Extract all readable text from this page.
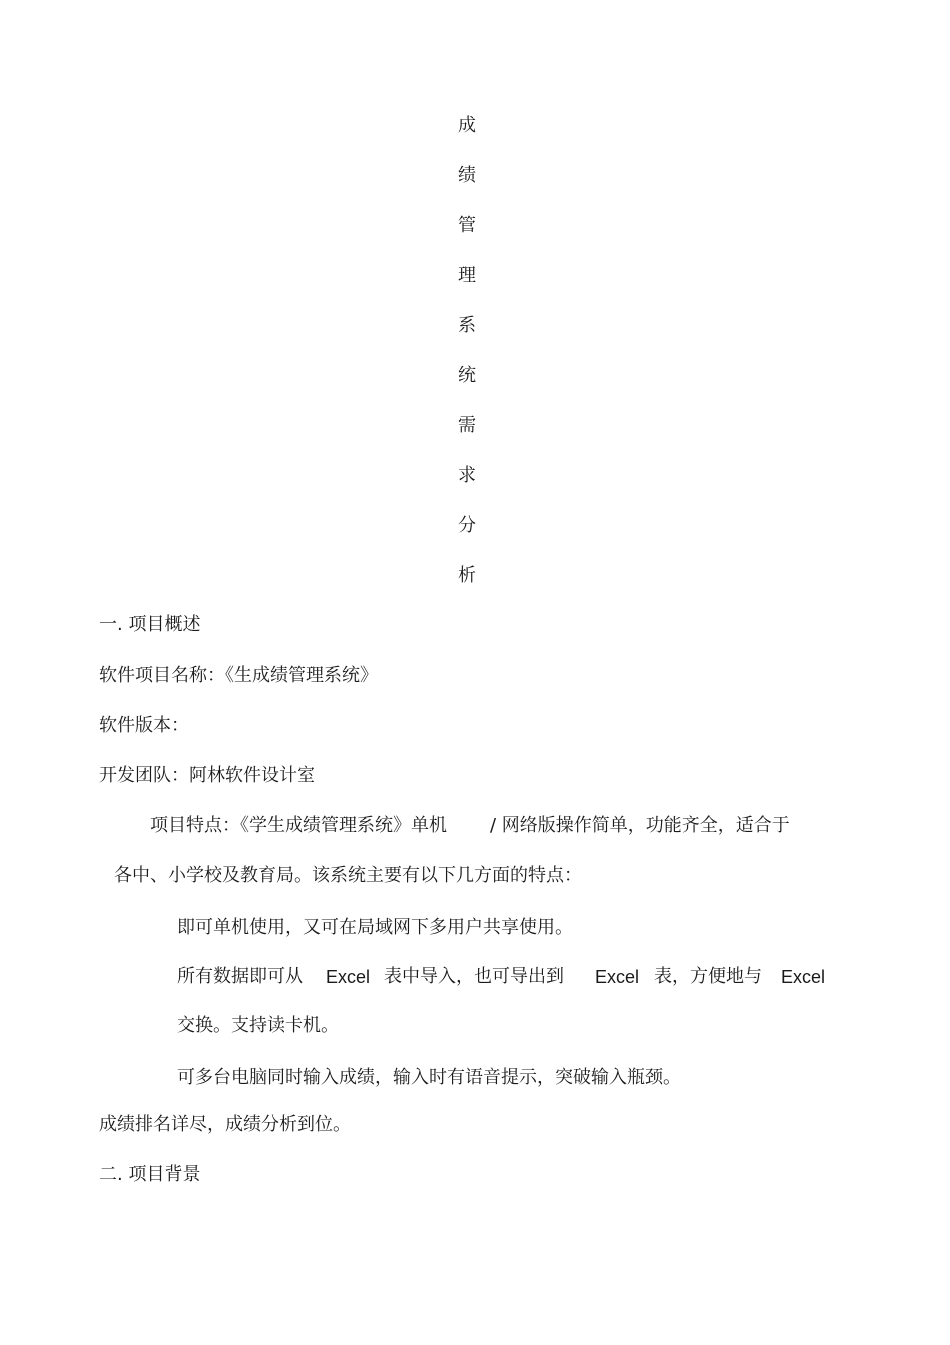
成
绩
管
理
系
统
需
求
分
析
一. 项目概述
软件项目名称：《生成绩管理系统》
软件版本：
开发团队：阿林软件设计室
项目特点：《学生成绩管理系统》单机 / 网络版操作简单，功能齐全，适合于
各中、小学校及教育局。该系统主要有以下几方面的特点：
即可单机使用，又可在局域网下多用户共享使用。
所有数据即可从 Excel 表中导入，也可导出到 Excel 表，方便地与 Excel
交换。支持读卡机。
可多台电脑同时输入成绩，输入时有语音提示，突破输入瓶颈。
成绩排名详尽，成绩分析到位。
二. 项目背景
